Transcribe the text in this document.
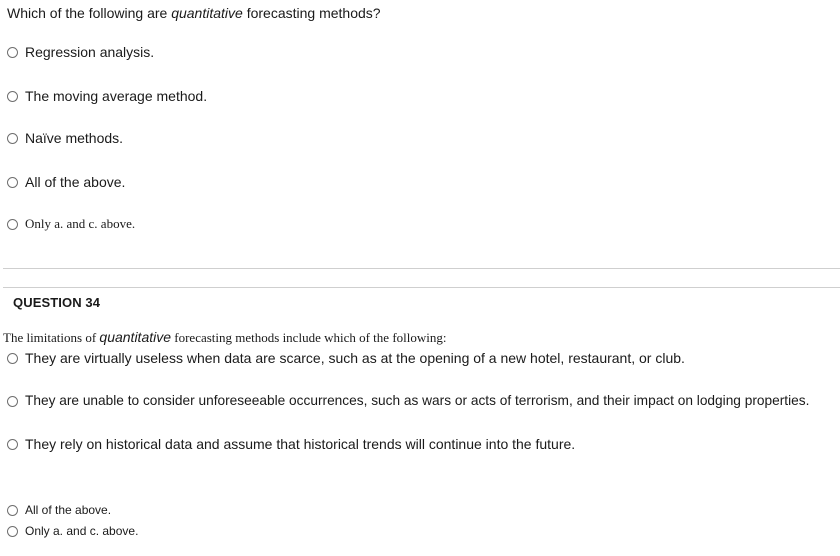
Which of the following are quantitative forecasting methods?
Regression analysis.
The moving average method.
Naïve methods.
All of the above.
Only a. and c. above.
QUESTION 34
The limitations of quantitative forecasting methods include which of the following:
They are virtually useless when data are scarce, such as at the opening of a new hotel, restaurant, or club.
They are unable to consider unforeseeable occurrences, such as wars or acts of terrorism, and their impact on lodging properties.
They rely on historical data and assume that historical trends will continue into the future.
All of the above.
Only a. and c. above.
